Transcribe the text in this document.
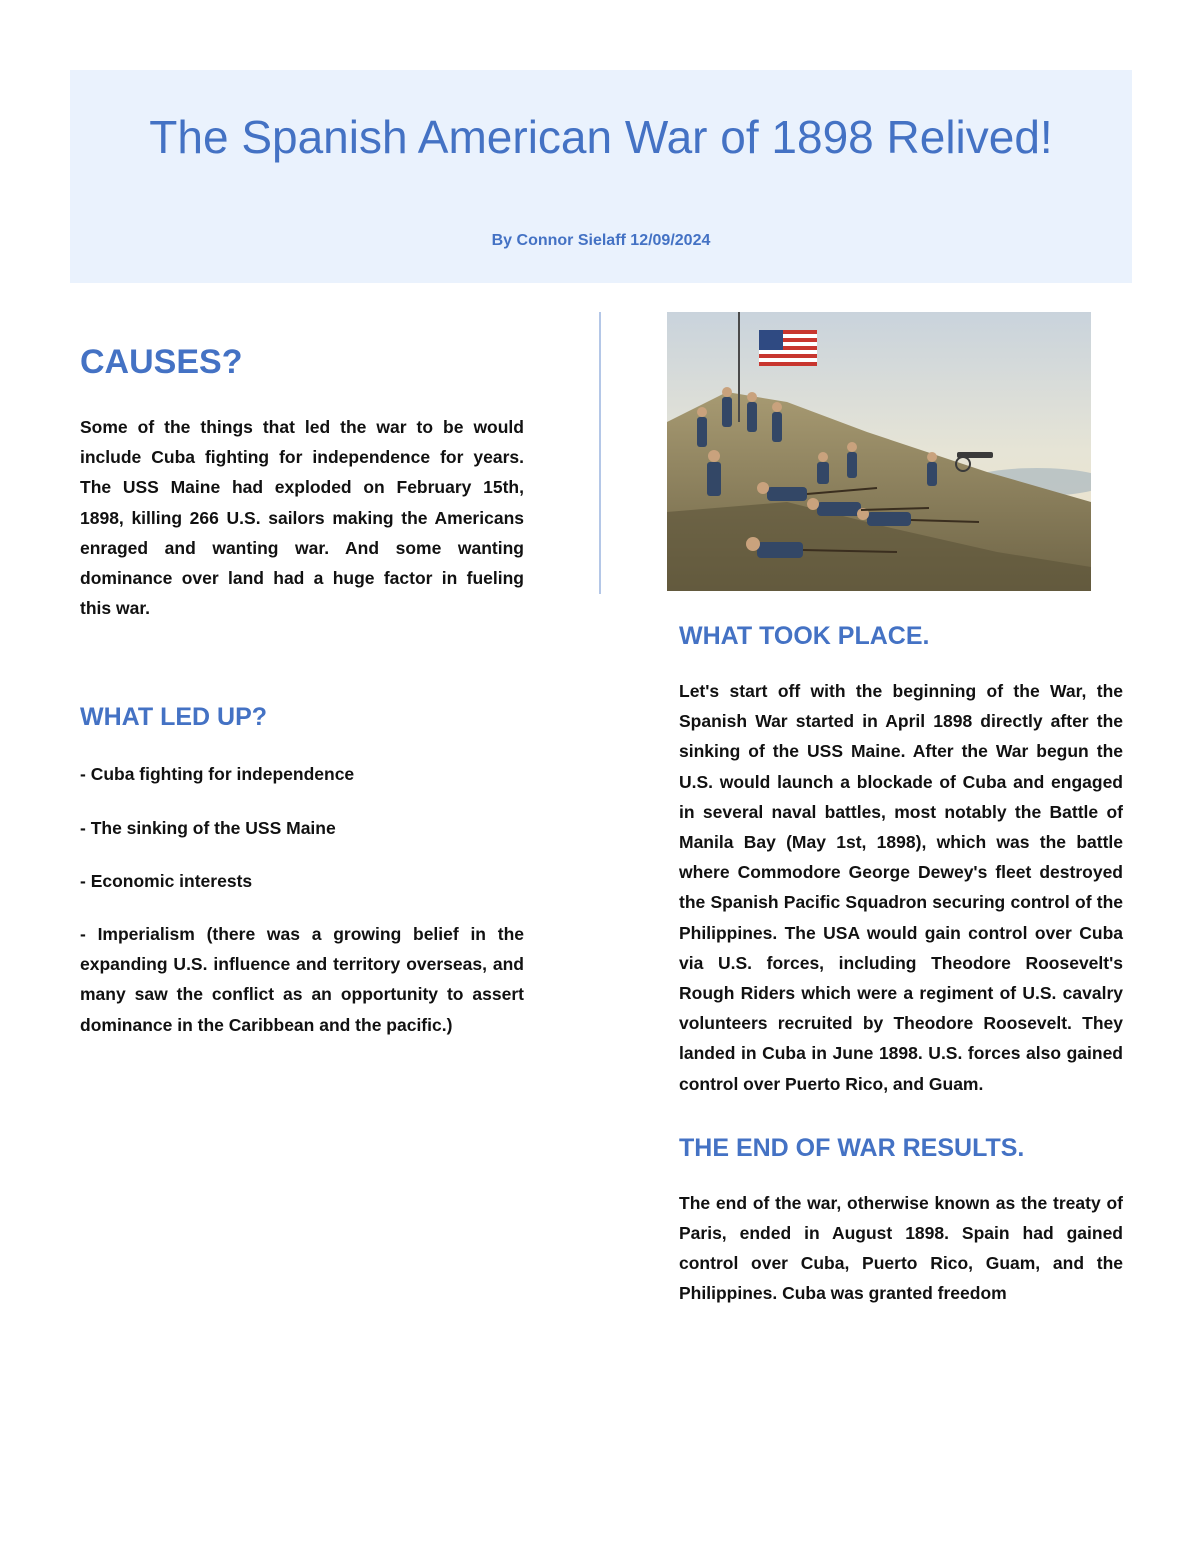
The Spanish American War of 1898 Relived!
By Connor Sielaff 12/09/2024
CAUSES?

Some of the things that led the war to be would include Cuba fighting for independence for years. The USS Maine had exploded on February 15th, 1898, killing 266 U.S. sailors making the Americans enraged and wanting war. And some wanting dominance over land had a huge factor in fueling this war.

WHAT LED UP?

- Cuba fighting for independence

- The sinking of the USS Maine

- Economic interests

- Imperialism (there was a growing belief in the expanding U.S. influence and territory overseas, and many saw the conflict as an opportunity to assert dominance in the Caribbean and the pacific.)

WHAT TOOK PLACE.

Let's start off with the beginning of the War, the Spanish War started in April 1898 directly after the sinking of the USS Maine. After the War begun the U.S. would launch a blockade of Cuba and engaged in several naval battles, most notably the Battle of Manila Bay (May 1st, 1898), which was the battle where Commodore George Dewey's fleet destroyed the Spanish Pacific Squadron securing control of the Philippines. The USA would gain control over Cuba via U.S. forces, including Theodore Roosevelt's Rough Riders which were a regiment of U.S. cavalry volunteers recruited by Theodore Roosevelt. They landed in Cuba in June 1898. U.S. forces also gained control over Puerto Rico, and Guam.

THE END OF WAR RESULTS.

The end of the war, otherwise known as the treaty of Paris, ended in August 1898. Spain had gained control over Cuba, Puerto Rico, Guam, and the Philippines. Cuba was granted freedom
